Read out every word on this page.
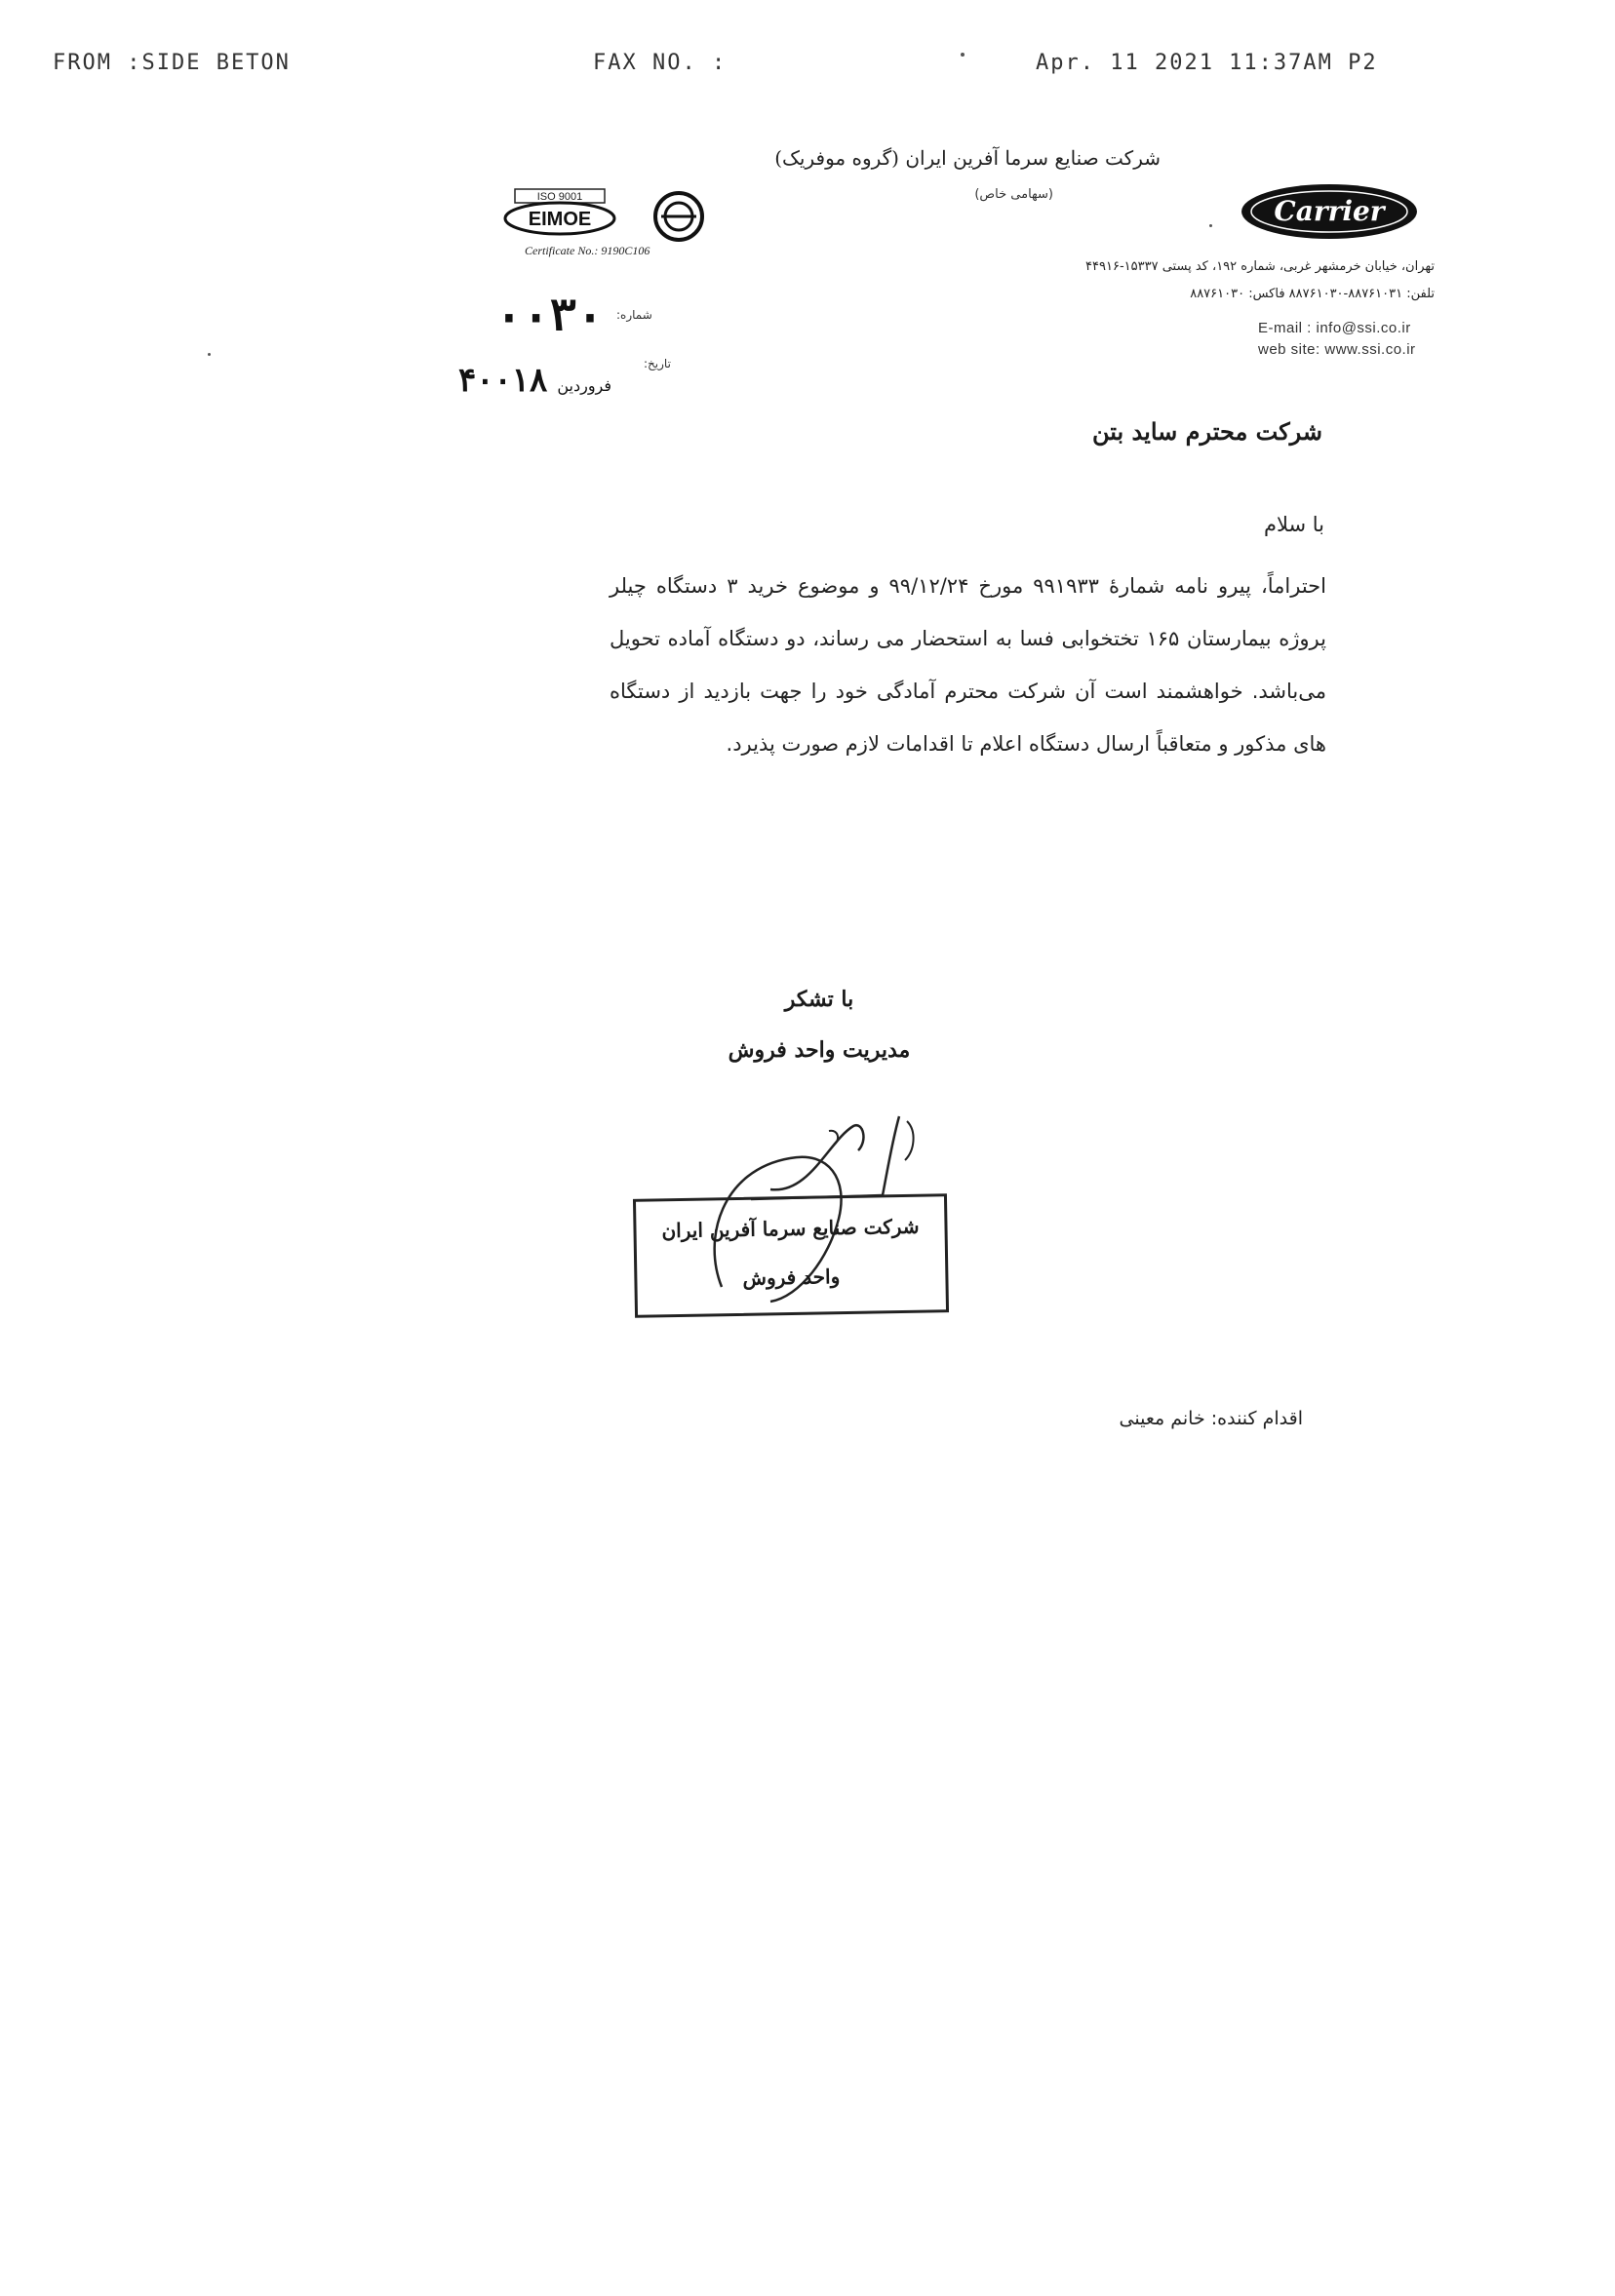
FROM :SIDE BETON	FAX NO. :	Apr. 11 2021 11:37AM P2
شرکت صنایع سرما آفرین ایران (گروه موفریک)
(سهامی خاص)
Carrier
ISO 9001
EIMOE
Certificate No.: 9190C106
تهران، خیابان خرمشهر غربی، شماره ۱۹۲، کد پستی ۱۵۳۳۷-۴۴۹۱۶
تلفن: ۸۸۷۶۱۰۳۱-۸۸۷۶۱۰۳۰ فاکس: ۸۸۷۶۱۰۳۰
E-mail : info@ssi.co.ir
web site: www.ssi.co.ir
شماره:
۰۰۳۰
تاریخ:
۴۰۰	فروردین۱۸
شرکت محترم ساید بتن
با سلام
احتراماً، پیرو نامه شمارهٔ ۹۹۱۹۳۳ مورخ ۹۹/۱۲/۲۴ و موضوع خرید ۳ دستگاه چیلر پروژه بیمارستان ۱۶۵ تختخوابی فسا به استحضار می رساند، دو دستگاه آماده تحویل می‌باشد. خواهشمند است آن شرکت محترم آمادگی خود را جهت بازدید از دستگاه های مذکور و متعاقباً ارسال دستگاه اعلام تا اقدامات لازم صورت پذیرد.
با تشکر
مدیریت واحد فروش
شرکت صنایع سرما آفرین ایران
واحد فروش
اقدام کننده: خانم معینی
